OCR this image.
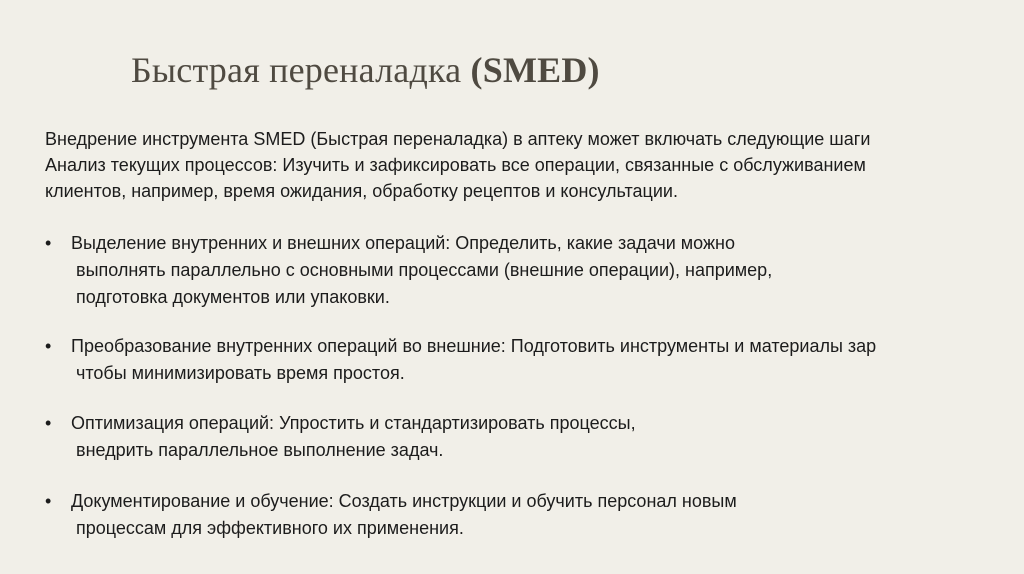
Быстрая переналадка (SMED)
Внедрение инструмента SMED (Быстрая переналадка) в аптеку может включать следующие шаги
Анализ текущих процессов: Изучить и зафиксировать все операции, связанные с обслуживанием
клиентов, например, время ожидания, обработку рецептов и консультации.
•	Выделение внутренних и внешних операций: Определить, какие задачи можно
выполнять параллельно с основными процессами (внешние операции), например,
подготовка документов или упаковки.
•	Преобразование внутренних операций во внешние: Подготовить инструменты и материалы зар
чтобы минимизировать время простоя.
•	Оптимизация операций: Упростить и стандартизировать процессы,
внедрить параллельное выполнение задач.
•	Документирование и обучение: Создать инструкции и обучить персонал новым
процессам для эффективного их применения.
